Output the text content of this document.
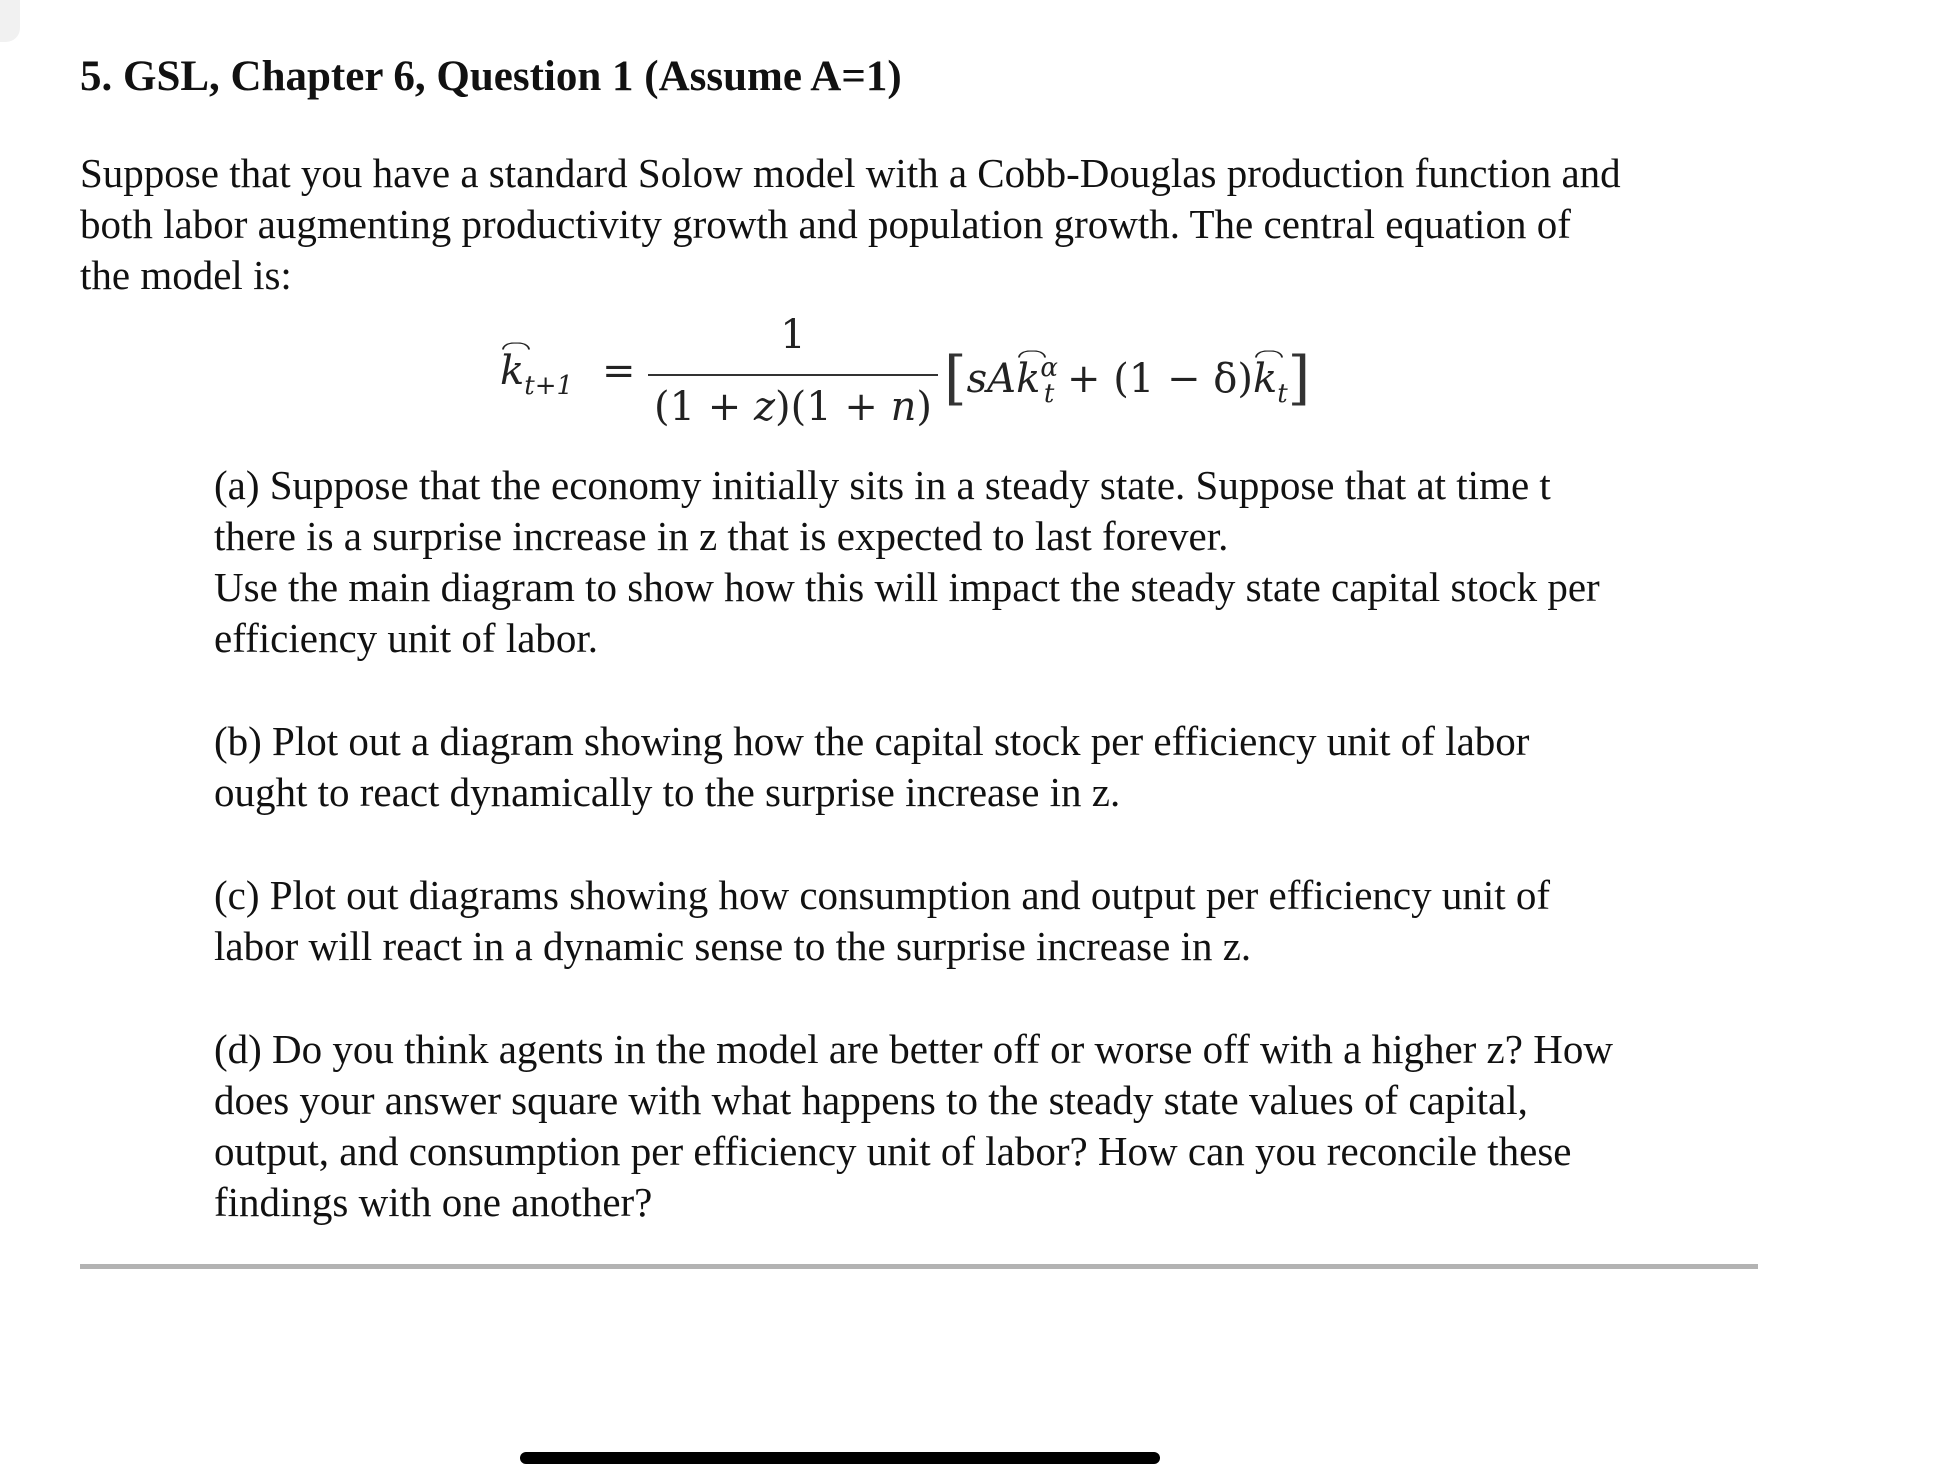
5. GSL, Chapter 6, Question 1 (Assume A=1)

Suppose that you have a standard Solow model with a Cobb-Douglas production function and

both labor augmenting productivity growth and population growth. The central equation of

the model is:

$k_{t+1}$ =
1
(1 + z)(1 + n) $[sAk^\alpha_t + (1 - \delta)k_t]$

(a) Suppose that the economy initially sits in a steady state. Suppose that at time t

there is a surprise increase in z that is expected to last forever.

Use the main diagram to show how this will impact the steady state capital stock per

efficiency unit of labor.

(b) Plot out a diagram showing how the capital stock per efficiency unit of labor

ought to react dynamically to the surprise increase in z.

(c) Plot out diagrams showing how consumption and output per efficiency unit of

labor will react in a dynamic sense to the surprise increase in z.

(d) Do you think agents in the model are better off or worse off with a higher z? How

does your answer square with what happens to the steady state values of capital,

output, and consumption per efficiency unit of labor? How can you reconcile these

findings with one another?
